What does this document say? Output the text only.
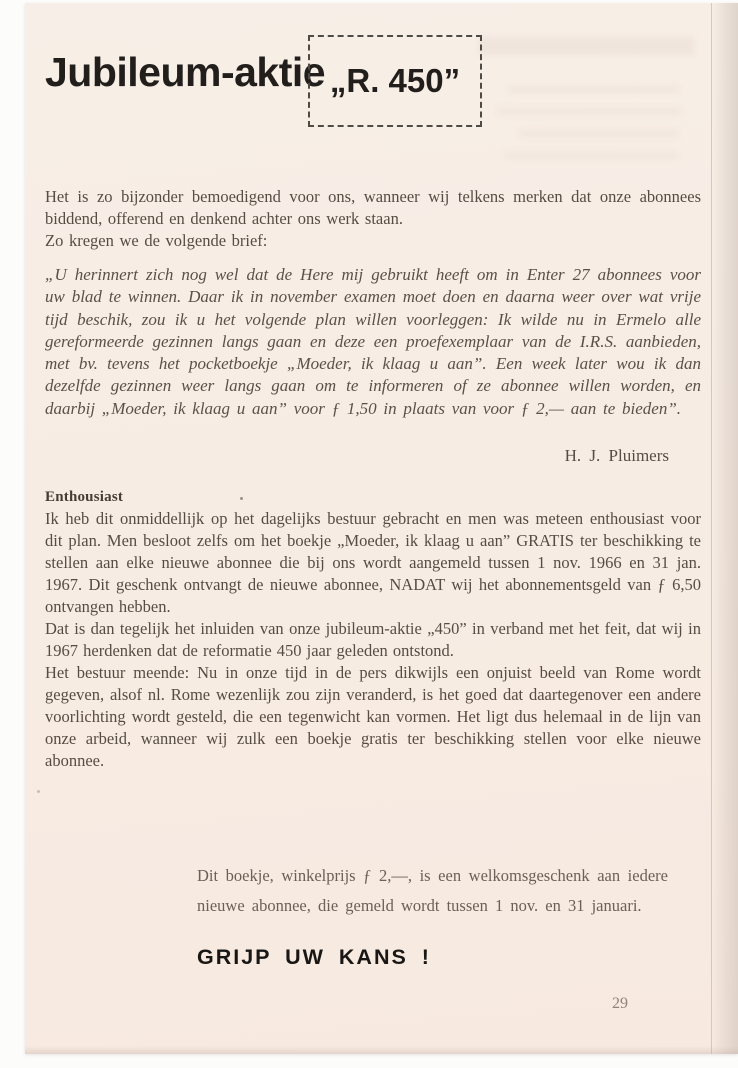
Jubileum-aktie „R. 450”

Het is zo bijzonder bemoedigend voor ons, wanneer wij telkens merken dat onze abonnees biddend, offerend en denkend achter ons werk staan.

Zo kregen we de volgende brief:

„U herinnert zich nog wel dat de Here mij gebruikt heeft om in Enter 27 abonnees voor uw blad te winnen. Daar ik in november examen moet doen en daarna weer over wat vrije tijd beschik, zou ik u het volgende plan willen voorleggen: Ik wilde nu in Ermelo alle gereformeerde gezinnen langs gaan en deze een proefexemplaar van de I.R.S. aanbieden, met bv. tevens het pocketboekje „Moeder, ik klaag u aan”. Een week later wou ik dan dezelfde gezinnen weer langs gaan om te informeren of ze abonnee willen worden, en daarbij „Moeder, ik klaag u aan” voor ƒ 1,50 in plaats van voor ƒ 2,— aan te bieden”.

H. J. Pluimers
Enthousiast

Ik heb dit onmiddellijk op het dagelijks bestuur gebracht en men was meteen enthousiast voor dit plan. Men besloot zelfs om het boekje „Moeder, ik klaag u aan” GRATIS ter beschikking te stellen aan elke nieuwe abonnee die bij ons wordt aangemeld tussen 1 nov. 1966 en 31 jan. 1967. Dit geschenk ontvangt de nieuwe abonnee, NADAT wij het abonnementsgeld van ƒ 6,50 ontvangen hebben.

Dat is dan tegelijk het inluiden van onze jubileum-aktie „450” in verband met het feit, dat wij in 1967 herdenken dat de reformatie 450 jaar geleden ontstond.

Het bestuur meende: Nu in onze tijd in de pers dikwijls een onjuist beeld van Rome wordt gegeven, alsof nl. Rome wezenlijk zou zijn veranderd, is het goed dat daartegenover een andere voorlichting wordt gesteld, die een tegenwicht kan vormen. Het ligt dus helemaal in de lijn van onze arbeid, wanneer wij zulk een boekje gratis ter beschikking stellen voor elke nieuwe abonnee.

Dit boekje, winkelprijs ƒ 2,—, is een welkomsgeschenk aan iedere nieuwe abonnee, die gemeld wordt tussen 1 nov. en 31 januari.
GRIJP UW KANS !
29
